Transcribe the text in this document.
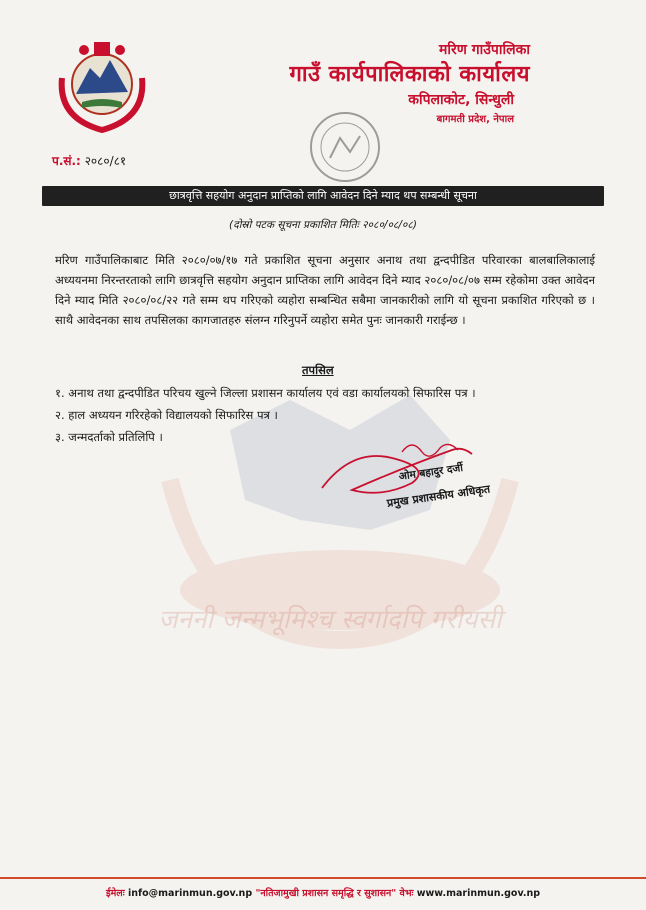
जननी जन्मभूमिश्च स्वर्गादपि गरीयसी
मरिण गाउँपालिका
गाउँ कार्यपालिकाको कार्यालय
कपिलाकोट, सिन्धुली
बागमती प्रदेश, नेपाल
प.सं.: २०८०/८१
छात्रवृत्ति सहयोग अनुदान प्राप्तिको लागि आवेदन दिने म्याद थप सम्बन्धी सूचना
(दोस्रो पटक सूचना प्रकाशित मितिः २०८०/०८/०८)
मरिण गाउँपालिकाबाट मिति २०८०/०७/१७ गते प्रकाशित सूचना अनुसार अनाथ तथा द्वन्दपीडित परिवारका बालबालिकालाई अध्ययनमा निरन्तरताको लागि छात्रवृत्ति सहयोग अनुदान प्राप्तिका लागि आवेदन दिने म्याद २०८०/०८/०७ सम्म रहेकोमा उक्त आवेदन दिने म्याद मिति २०८०/०८/२२ गते सम्म थप गरिएको व्यहोरा सम्बन्धित सबैमा जानकारीको लागि यो सूचना प्रकाशित गरिएको छ । साथै आवेदनका साथ तपसिलका कागजातहरु संलग्न गरिनुपर्ने व्यहोरा समेत पुनः जानकारी गराईन्छ ।
तपसिल
१. अनाथ तथा द्वन्दपीडित परिचय खुल्ने जिल्ला प्रशासन कार्यालय एवं वडा कार्यालयको सिफारिस पत्र ।
२. हाल अध्ययन गरिरहेको विद्यालयको सिफारिस पत्र ।
३. जन्मदर्ताको प्रतिलिपि ।
ओम बहादुर दर्जी
प्रमुख प्रशासकीय अधिकृत
ईमेलः info@marinmun.gov.np "नतिजामुखी प्रशासन समृद्धि र सुशासन" वेभः www.marinmun.gov.np
